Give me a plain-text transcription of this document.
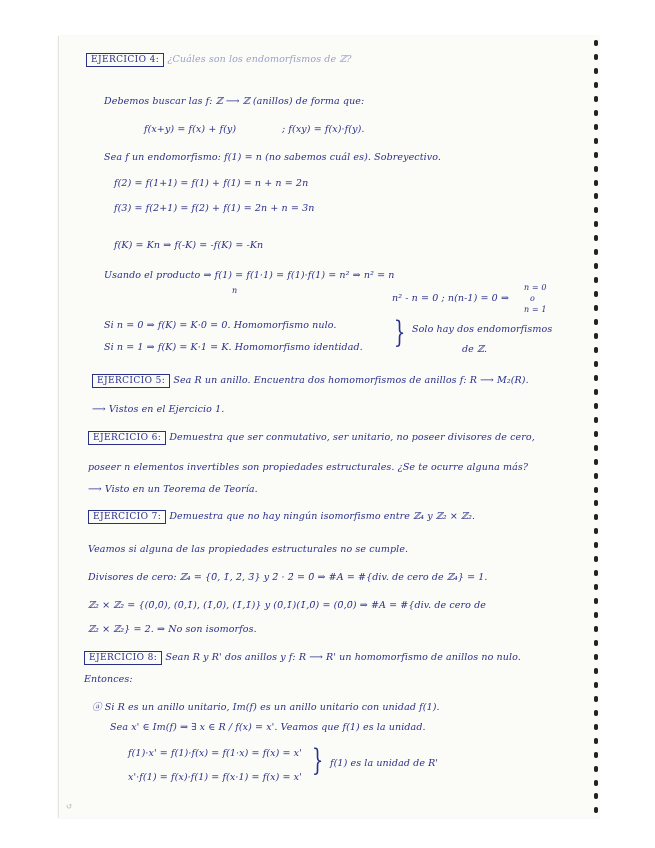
EJERCICIO 4: ¿Cuáles son los endomorfismos de ℤ?
Debemos buscar las f: ℤ ⟶ ℤ (anillos) de forma que:
f(x+y) = f(x) + f(y)	; f(xy) = f(x)·f(y).
Sea f un endomorfismo: f(1) = n (no sabemos cuál es). Sobreyectivo.
f(2) = f(1+1) = f(1) + f(1) = n + n = 2n
f(3) = f(2+1) = f(2) + f(1) = 2n + n = 3n
f(K) = Kn ⇒ f(-K) = -f(K) = -Kn
Usando el producto ⇒ f(1) = f(1·1) = f(1)·f(1) = n² ⇒ n² = n
n
n² - n = 0 ; n(n-1) = 0 ⇒
n = 0
o
n = 1
Si n = 0 ⇒ f(K) = K·0 = 0. Homomorfismo nulo.
Si n = 1 ⇒ f(K) = K·1 = K. Homomorfismo identidad. } Solo hay dos endomorfismos
de ℤ.
EJERCICIO 5: Sea R un anillo. Encuentra dos homomorfismos de anillos f: R ⟶ M₂(R).
⟶ Vistos en el Ejercicio 1.
EJERCICIO 6: Demuestra que ser conmutativo, ser unitario, no poseer divisores de cero,
poseer n elementos invertibles son propiedades estructurales. ¿Se te ocurre alguna más?
⟶ Visto en un Teorema de Teoría.
EJERCICIO 7: Demuestra que no hay ningún isomorfismo entre ℤ₄ y ℤ₂ × ℤ₂.
Veamos si alguna de las propiedades estructurales no se cumple.
Divisores de cero: ℤ₄ = {0̄, 1̄, 2̄, 3̄} y 2̄ · 2̄ = 0̄ ⇒ #A = #{div. de cero de ℤ₄} = 1.
ℤ₂ × ℤ₂ = {(0̄,0̄), (0̄,1̄), (1̄,0̄), (1̄,1̄)} y (0̄,1̄)(1̄,0̄) = (0̄,0̄) ⇒ #A = #{div. de cero de
ℤ₂ × ℤ₂} = 2. ⇒ No son isomorfos.
EJERCICIO 8: Sean R y R' dos anillos y f: R ⟶ R' un homomorfismo de anillos no nulo.
Entonces:
ⓐ Si R es un anillo unitario, Im(f) es un anillo unitario con unidad f(1).
Sea x' ∈ Im(f) ⇒ ∃ x ∈ R / f(x) = x'. Veamos que f(1) es la unidad.
f(1)·x' = f(1)·f(x) = f(1·x) = f(x) = x'
x'·f(1) = f(x)·f(1) = f(x·1) = f(x) = x' } f(1) es la unidad de R'
↺
